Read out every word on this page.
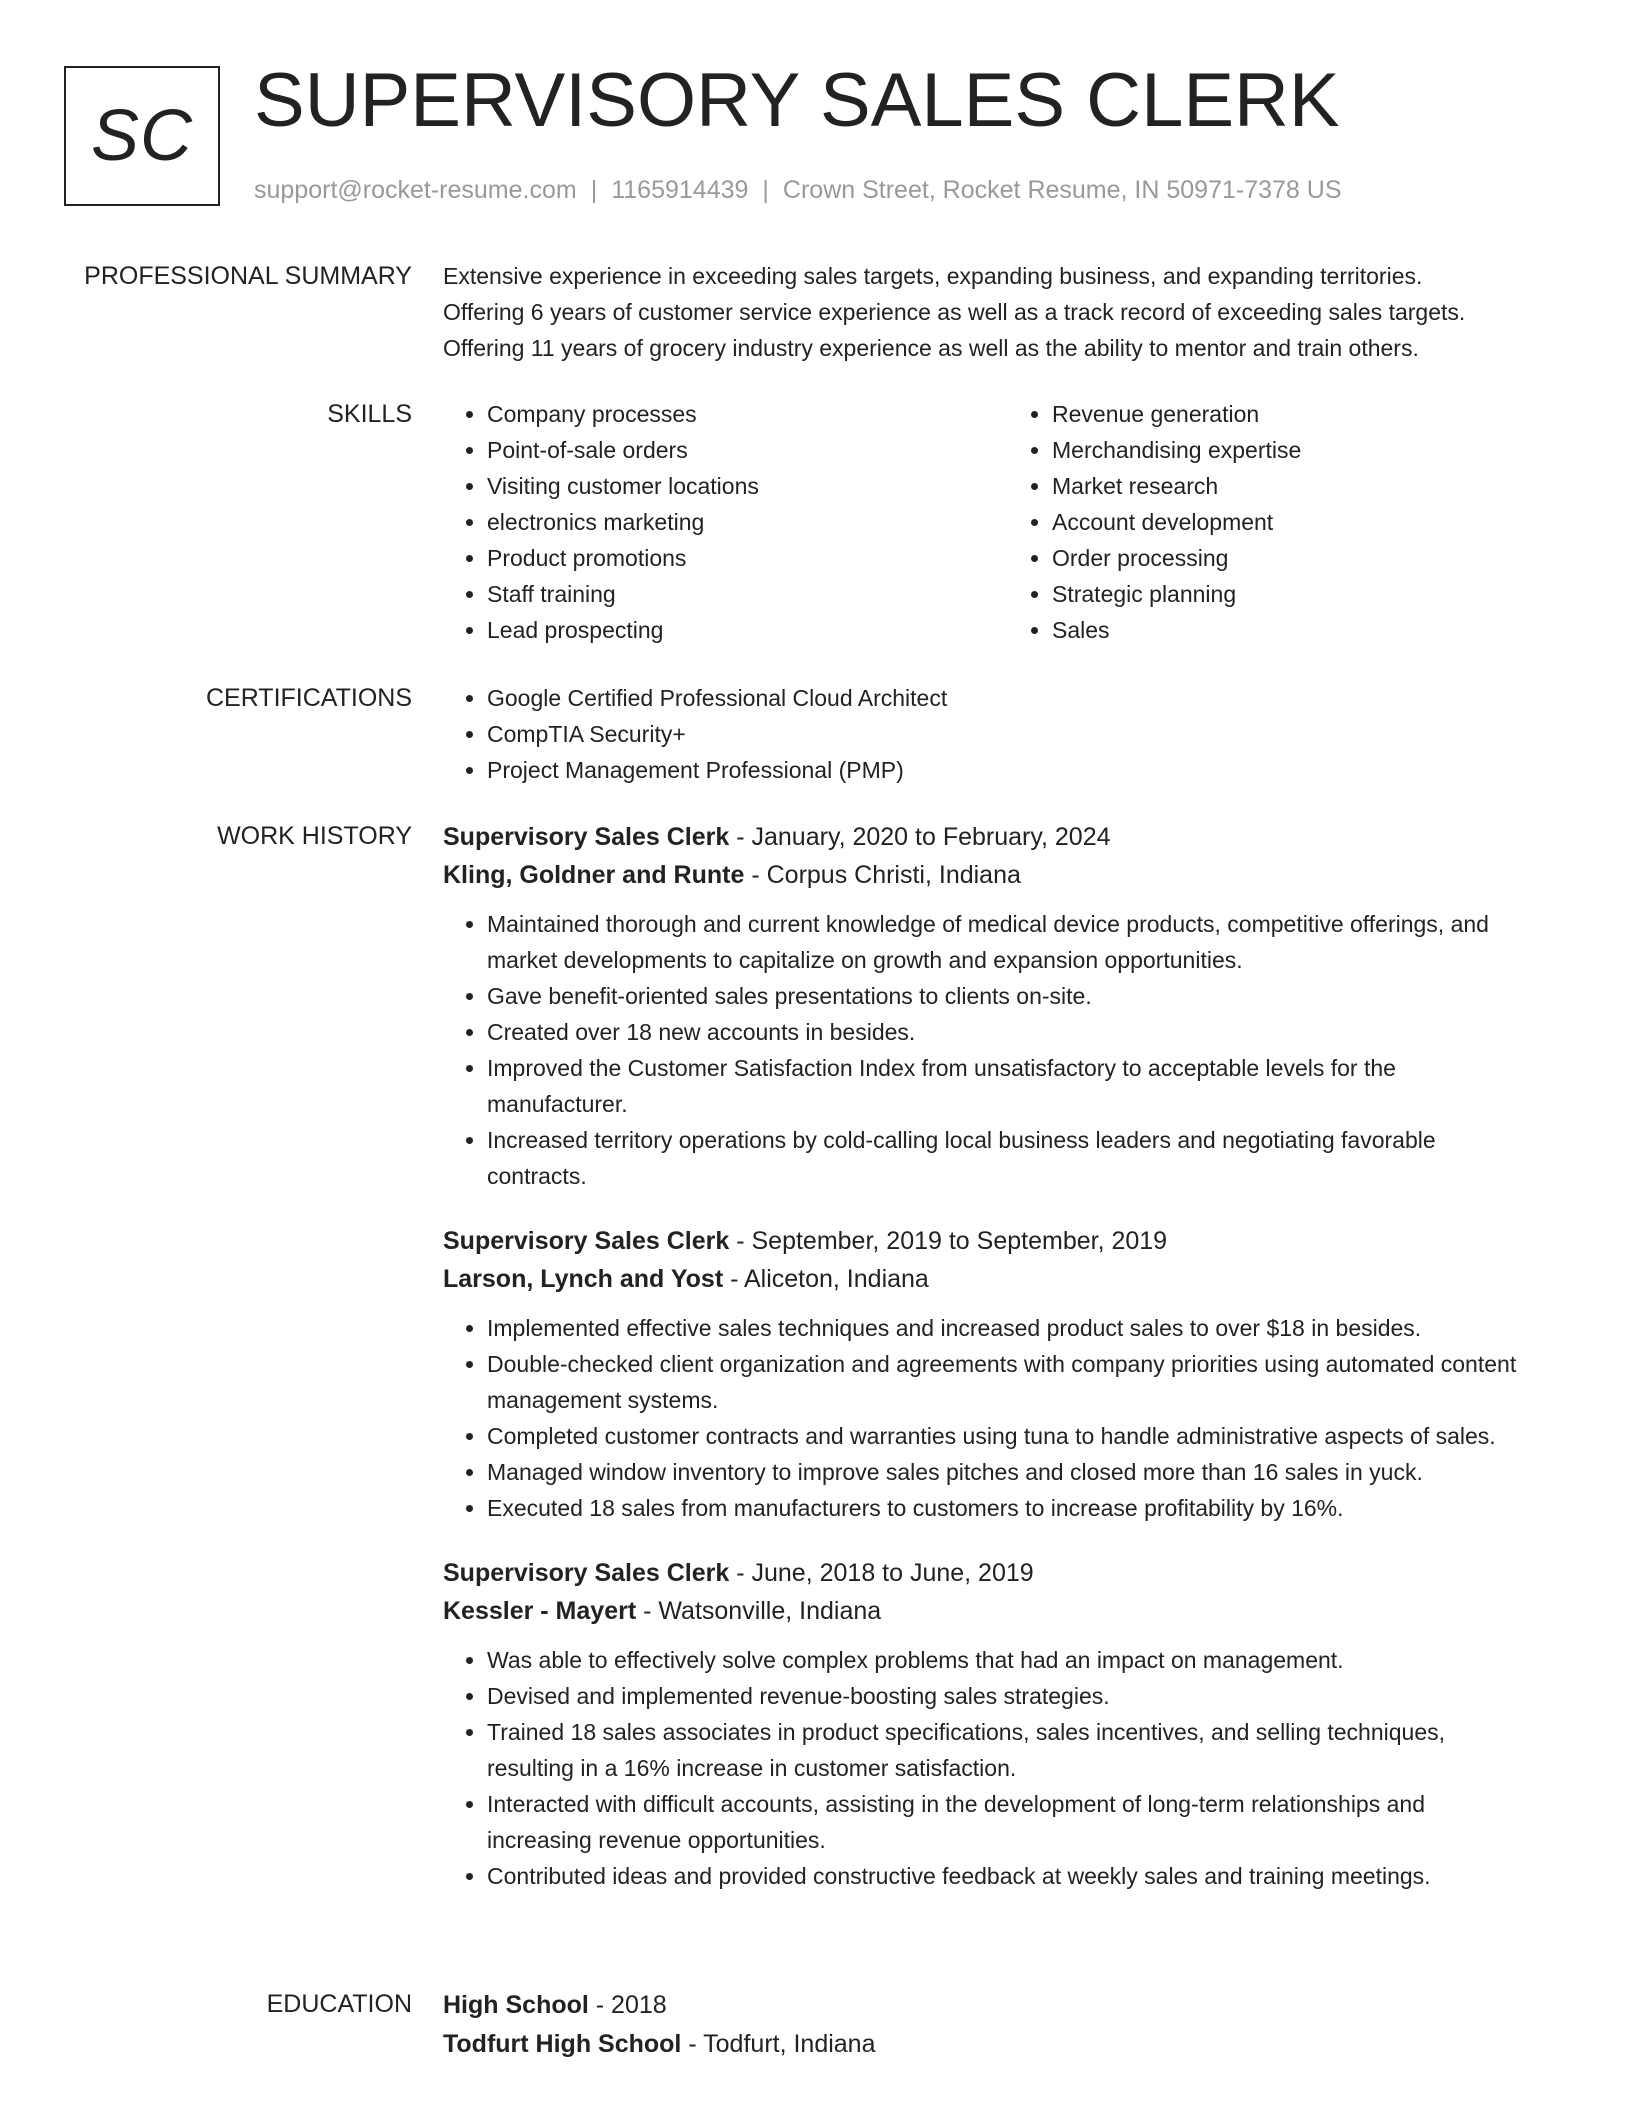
SC SUPERVISORY SALES CLERK
support@rocket-resume.com | 1165914439 | Crown Street, Rocket Resume, IN 50971-7378 US
PROFESSIONAL SUMMARY Extensive experience in exceeding sales targets, expanding business, and expanding territories.
Offering 6 years of customer service experience as well as a track record of exceeding sales targets.
Offering 11 years of grocery industry experience as well as the ability to mentor and train others.
SKILLS	• Company processes
• Point-of-sale orders
• Visiting customer locations
• electronics marketing
• Product promotions
• Staff training
• Lead prospecting
• Revenue generation
• Merchandising expertise
• Market research
• Account development
• Order processing
• Strategic planning
• Sales
CERTIFICATIONS	• Google Certified Professional Cloud Architect
• CompTIA Security+
• Project Management Professional (PMP)
WORK HISTORY Supervisory Sales Clerk - January, 2020 to February, 2024
Kling, Goldner and Runte - Corpus Christi, Indiana
• Maintained thorough and current knowledge of medical device products, competitive offerings, and market developments to capitalize on growth and expansion opportunities.
• Gave benefit-oriented sales presentations to clients on-site.
• Created over 18 new accounts in besides.
• Improved the Customer Satisfaction Index from unsatisfactory to acceptable levels for the manufacturer.
• Increased territory operations by cold-calling local business leaders and negotiating favorable contracts.
Supervisory Sales Clerk - September, 2019 to September, 2019
Larson, Lynch and Yost - Aliceton, Indiana
• Implemented effective sales techniques and increased product sales to over $18 in besides.
• Double-checked client organization and agreements with company priorities using automated content management systems.
• Completed customer contracts and warranties using tuna to handle administrative aspects of sales.
• Managed window inventory to improve sales pitches and closed more than 16 sales in yuck.
• Executed 18 sales from manufacturers to customers to increase profitability by 16%.
Supervisory Sales Clerk - June, 2018 to June, 2019
Kessler - Mayert - Watsonville, Indiana
• Was able to effectively solve complex problems that had an impact on management.
• Devised and implemented revenue-boosting sales strategies.
• Trained 18 sales associates in product specifications, sales incentives, and selling techniques, resulting in a 16% increase in customer satisfaction.
• Interacted with difficult accounts, assisting in the development of long-term relationships and increasing revenue opportunities.
• Contributed ideas and provided constructive feedback at weekly sales and training meetings.
EDUCATION High School - 2018
Todfurt High School - Todfurt, Indiana
